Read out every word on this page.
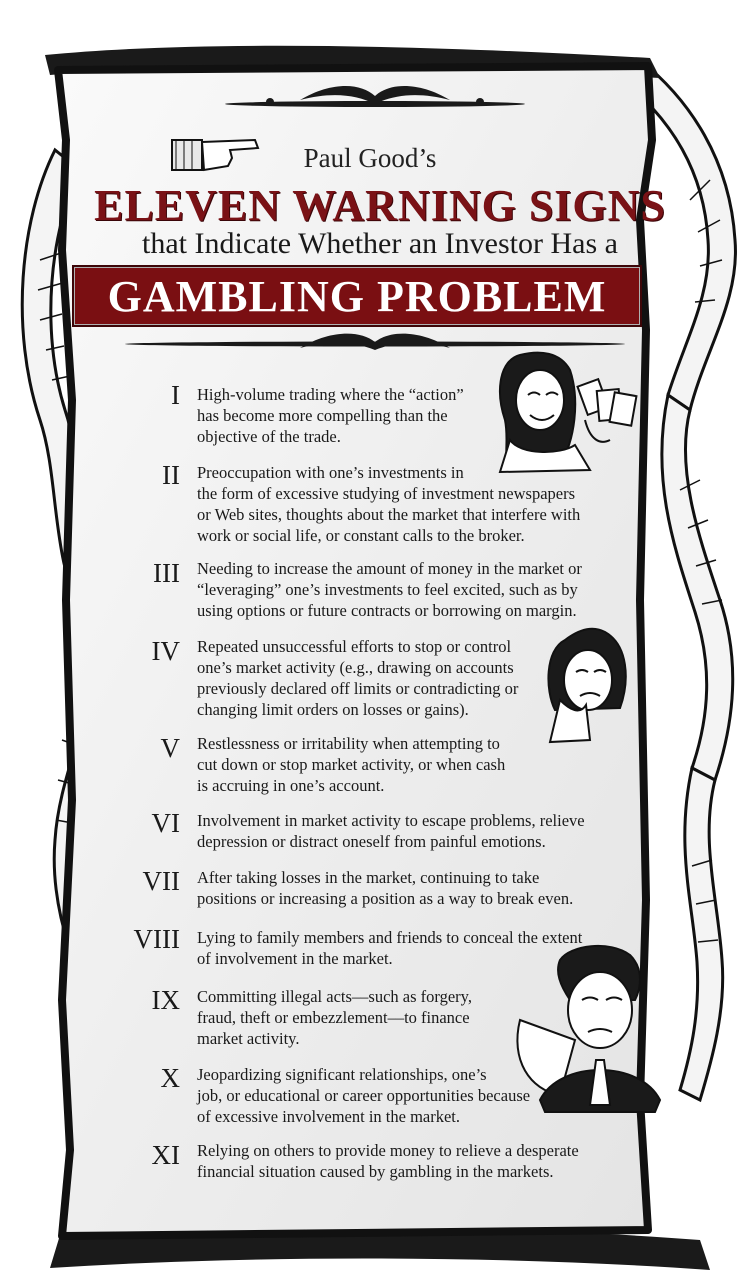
Paul Good’s
ELEVEN WARNING SIGNS
that Indicate Whether an Investor Has a
GAMBLING PROBLEM
I High-volume trading where the “action”
has become more compelling than the
objective of the trade.
II Preoccupation with one’s investments in
the form of excessive studying of investment newspapers
or Web sites, thoughts about the market that interfere with
work or social life, or constant calls to the broker.
III Needing to increase the amount of money in the market or
“leveraging” one’s investments to feel excited, such as by
using options or future contracts or borrowing on margin.
IV Repeated unsuccessful efforts to stop or control
one’s market activity (e.g., drawing on accounts
previously declared off limits or contradicting or
changing limit orders on losses or gains).
V Restlessness or irritability when attempting to
cut down or stop market activity, or when cash
is accruing in one’s account.
VI Involvement in market activity to escape problems, relieve
depression or distract oneself from painful emotions.
VII After taking losses in the market, continuing to take
positions or increasing a position as a way to break even.
VIII Lying to family members and friends to conceal the extent
of involvement in the market.
IX Committing illegal acts––such as forgery,
fraud, theft or embezzlement––to finance
market activity.
X Jeopardizing significant relationships, one’s
job, or educational or career opportunities because
of excessive involvement in the market.
XI Relying on others to provide money to relieve a desperate
financial situation caused by gambling in the markets.
